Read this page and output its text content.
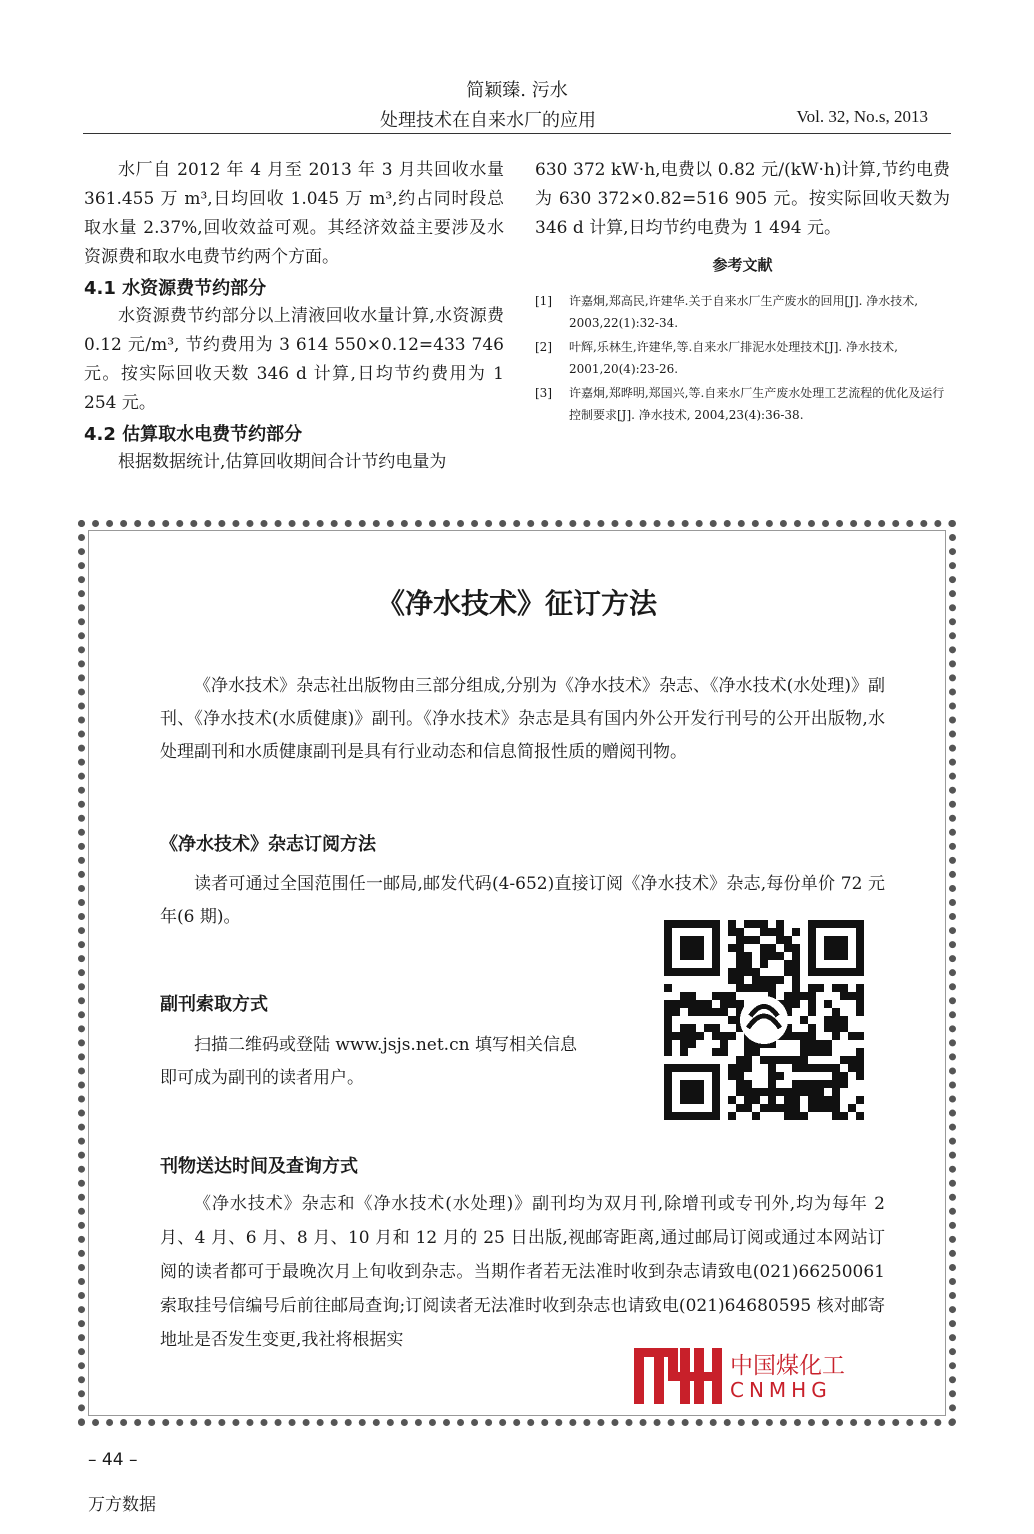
简颖臻. 污水
处理技术在自来水厂的应用	Vol. 32, No.s, 2013

水厂自 2012 年 4 月至 2013 年 3 月共回收水量 361.455 万 m³,日均回收 1.045 万 m³,约占同时段总取水量 2.37%,回收效益可观。其经济效益主要涉及水资源费和取水电费节约两个方面。

4.1 水资源费节约部分

水资源费节约部分以上清液回收水量计算,水资源费 0.12 元/m³, 节约费用为 3 614 550×0.12=433 746 元。按实际回收天数 346 d 计算,日均节约费用为 1 254 元。

4.2 估算取水电费节约部分

根据数据统计,估算回收期间合计节约电量为

630 372 kW·h,电费以 0.82 元/(kW·h)计算,节约电费为 630 372×0.82=516 905 元。按实际回收天数为 346 d 计算,日均节约电费为 1 494 元。

参考文献
[1]	许嘉炯,郑高民,许建华.关于自来水厂生产废水的回用[J]. 净水技术, 2003,22(1):32-34.
[2]	叶辉,乐林生,许建华,等.自来水厂排泥水处理技术[J]. 净水技术, 2001,20(4):23-26.
[3]	许嘉炯,郑晔明,郑国兴,等.自来水厂生产废水处理工艺流程的优化及运行控制要求[J]. 净水技术, 2004,23(4):36-38.
《净水技术》征订方法
《净水技术》杂志社出版物由三部分组成,分别为《净水技术》杂志、《净水技术(水处理)》副刊、《净水技术(水质健康)》副刊。《净水技术》杂志是具有国内外公开发行刊号的公开出版物,水处理副刊和水质健康副刊是具有行业动态和信息简报性质的赠阅刊物。
《净水技术》杂志订阅方法
读者可通过全国范围任一邮局,邮发代码(4-652)直接订阅《净水技术》杂志,每份单价 72 元年(6 期)。
副刊索取方式
扫描二维码或登陆 www.jsjs.net.cn 填写相关信息
即可成为副刊的读者用户。
刊物送达时间及查询方式
《净水技术》杂志和《净水技术(水处理)》副刊均为双月刊,除增刊或专刊外,均为每年 2 月、4 月、6 月、8 月、10 月和 12 月的 25 日出版,视邮寄距离,通过邮局订阅或通过本网站订阅的读者都可于最晚次月上旬收到杂志。当期作者若无法准时收到杂志请致电(021)66250061 索取挂号信编号后前往邮局查询;订阅读者无法准时收到杂志也请致电(021)64680595 核对邮寄地址是否发生变更,我社将根据实
中国煤化工
CNMHG
– 44 –
万方数据
